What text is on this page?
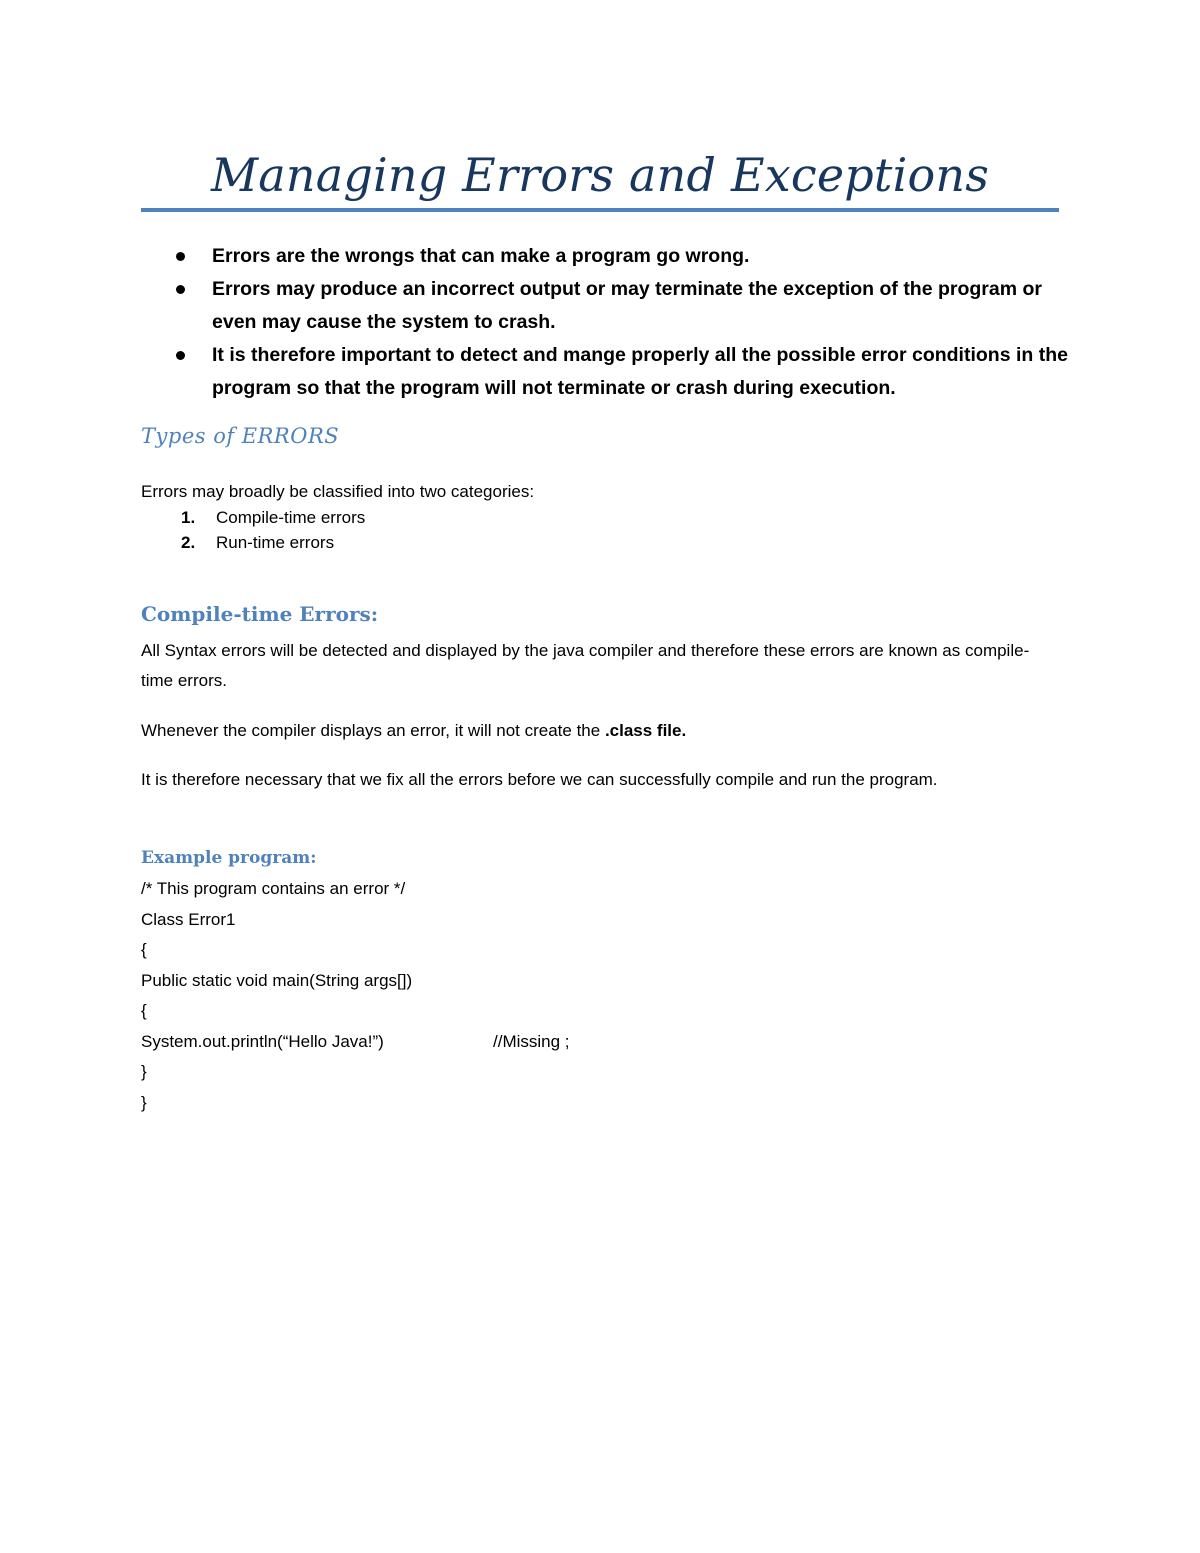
Managing Errors and Exceptions
Errors are the wrongs that can make a program go wrong.
Errors may produce an incorrect output or may terminate the exception of the program or even may cause the system to crash.
It is therefore important to detect and mange properly all the possible error conditions in the program so that the program will not terminate or crash during execution.
Types of ERRORS

Errors may broadly be classified into two categories:

1. Compile-time errors
2. Run-time errors
Compile-time Errors:

All Syntax errors will be detected and displayed by the java compiler and therefore these errors are known as compile-time errors.

Whenever the compiler displays an error, it will not create the .class file.

It is therefore necessary that we fix all the errors before we can successfully compile and run the program.

Example program:
/* This program contains an error */
Class Error1
{
Public static void main(String args[])
{
System.out.println(“Hello Java!”)	//Missing ;
}
}
